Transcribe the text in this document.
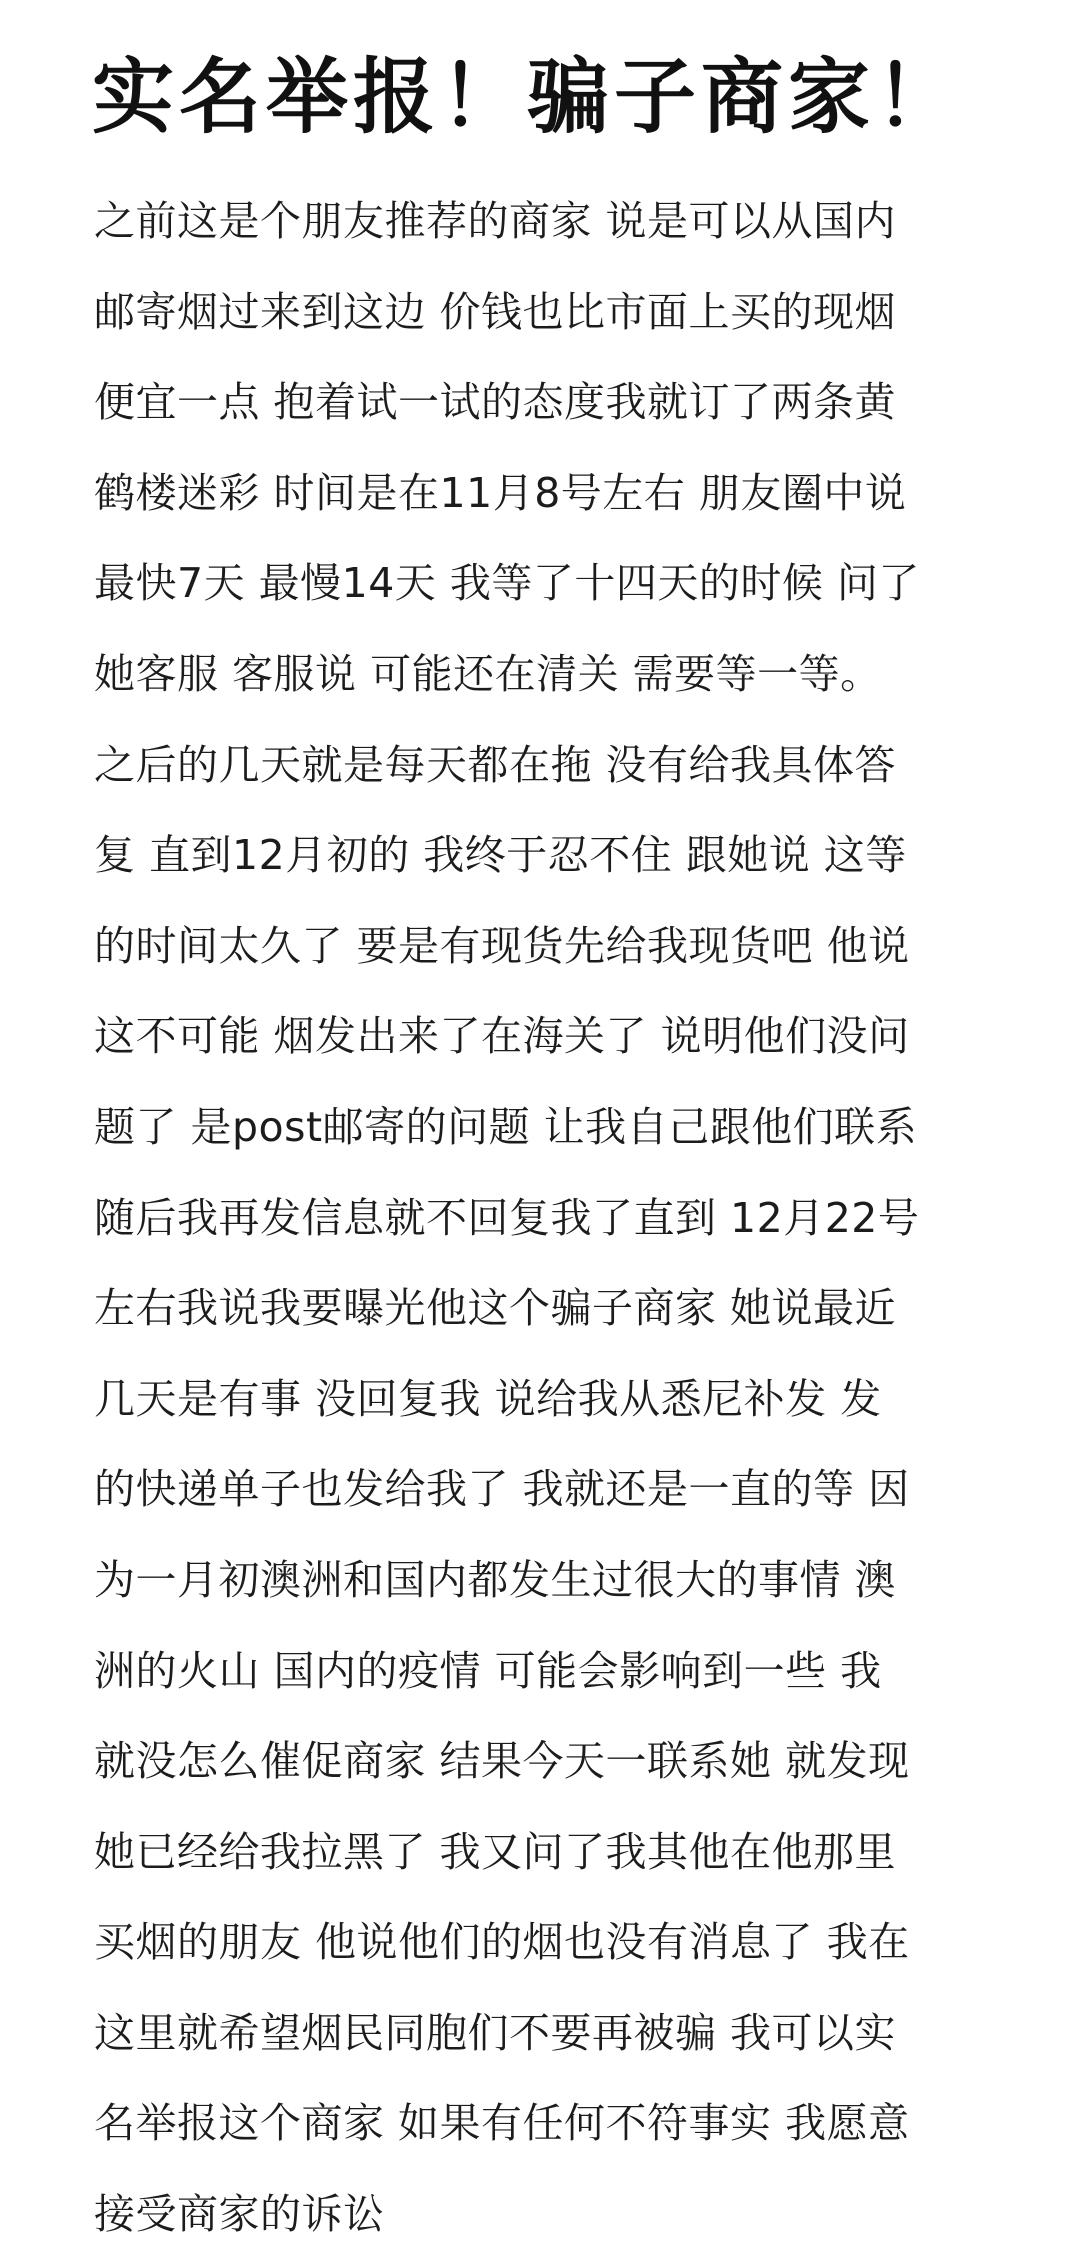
实名举报！骗子商家！
之前这是个朋友推荐的商家 说是可以从国内
邮寄烟过来到这边 价钱也比市面上买的现烟
便宜一点 抱着试一试的态度我就订了两条黄
鹤楼迷彩 时间是在11月8号左右 朋友圈中说
最快7天 最慢14天 我等了十四天的时候 问了
她客服 客服说 可能还在清关 需要等一等。
之后的几天就是每天都在拖 没有给我具体答
复 直到12月初的 我终于忍不住 跟她说 这等
的时间太久了 要是有现货先给我现货吧 他说
这不可能 烟发出来了在海关了 说明他们没问
题了 是post邮寄的问题 让我自己跟他们联系
随后我再发信息就不回复我了直到 12月22号
左右我说我要曝光他这个骗子商家 她说最近
几天是有事 没回复我 说给我从悉尼补发 发
的快递单子也发给我了 我就还是一直的等 因
为一月初澳洲和国内都发生过很大的事情 澳
洲的火山 国内的疫情 可能会影响到一些 我
就没怎么催促商家 结果今天一联系她 就发现
她已经给我拉黑了 我又问了我其他在他那里
买烟的朋友 他说他们的烟也没有消息了 我在
这里就希望烟民同胞们不要再被骗 我可以实
名举报这个商家 如果有任何不符事实 我愿意
接受商家的诉讼
